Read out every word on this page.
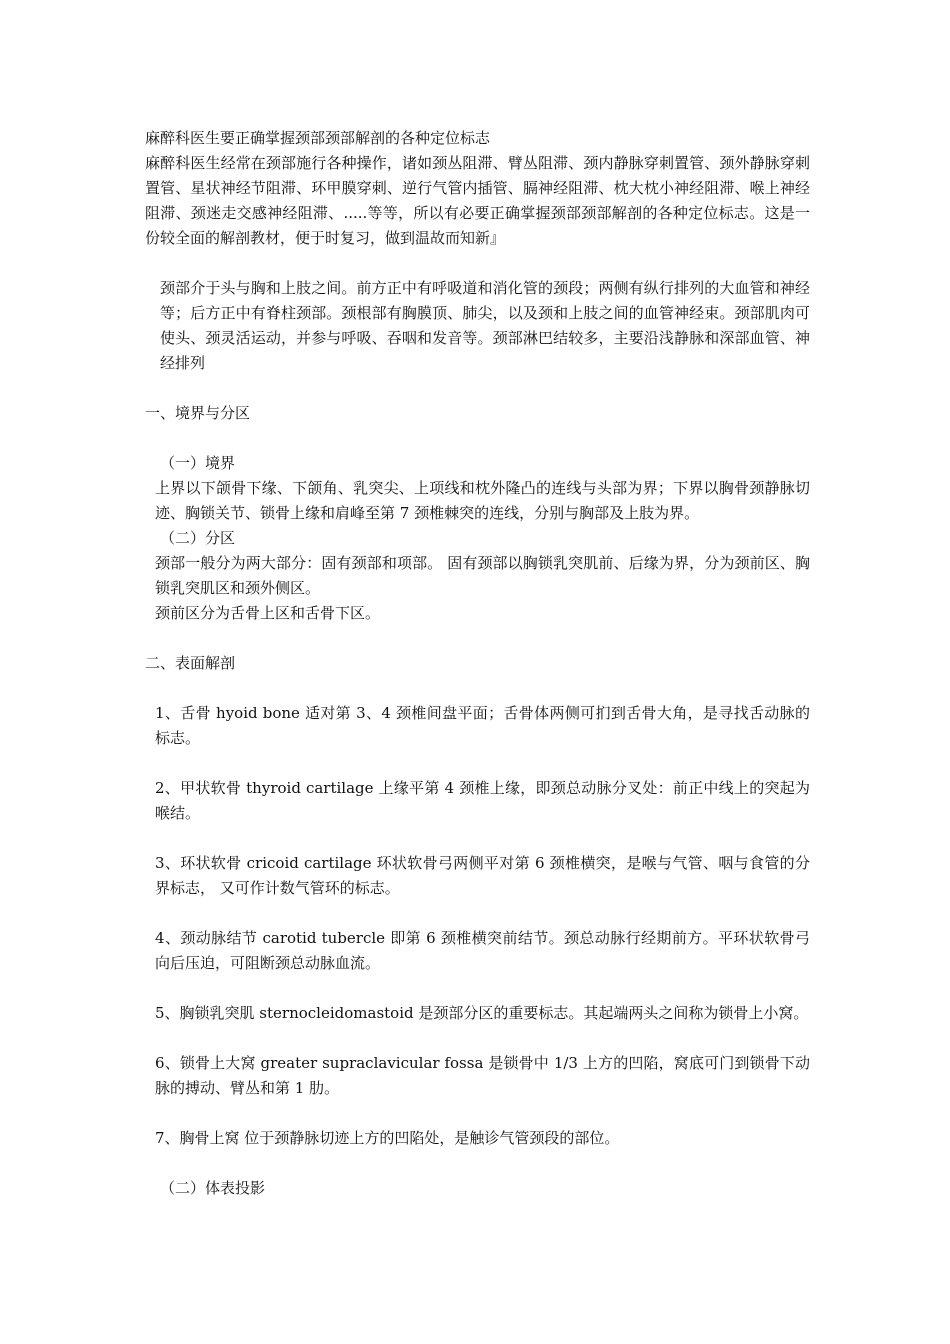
麻醉科医生要正确掌握颈部颈部解剖的各种定位标志
麻醉科医生经常在颈部施行各种操作，诸如颈丛阻滞、臂丛阻滞、颈内静脉穿刺置管、颈外静脉穿刺置管、星状神经节阻滞、环甲膜穿刺、逆行气管内插管、膈神经阻滞、枕大枕小神经阻滞、喉上神经阻滞、颈迷走交感神经阻滞、.....等等，所以有必要正确掌握颈部颈部解剖的各种定位标志。这是一份较全面的解剖教材，便于时复习，做到温故而知新』
颈部介于头与胸和上肢之间。前方正中有呼吸道和消化管的颈段；两侧有纵行排列的大血管和神经等；后方正中有脊柱颈部。颈根部有胸膜顶、肺尖，以及颈和上肢之间的血管神经束。颈部肌肉可使头、颈灵活运动，并参与呼吸、吞咽和发音等。颈部淋巴结较多，主要沿浅静脉和深部血管、神经排列
一、境界与分区
（一）境界
上界以下颌骨下缘、下颌角、乳突尖、上项线和枕外隆凸的连线与头部为界；下界以胸骨颈静脉切迹、胸锁关节、锁骨上缘和肩峰至第 7 颈椎棘突的连线，分别与胸部及上肢为界。
（二）分区
颈部一般分为两大部分：固有颈部和项部。 固有颈部以胸锁乳突肌前、后缘为界，分为颈前区、胸锁乳突肌区和颈外侧区。
颈前区分为舌骨上区和舌骨下区。
二、表面解剖
1、舌骨 hyoid bone 适对第 3、4 颈椎间盘平面；舌骨体两侧可扪到舌骨大角，是寻找舌动脉的标志。
2、甲状软骨 thyroid cartilage 上缘平第 4 颈椎上缘，即颈总动脉分叉处：前正中线上的突起为喉结。
3、环状软骨 cricoid cartilage 环状软骨弓两侧平对第 6 颈椎横突，是喉与气管、咽与食管的分界标志， 又可作计数气管环的标志。
4、颈动脉结节 carotid tubercle 即第 6 颈椎横突前结节。颈总动脉行经期前方。平环状软骨弓向后压迫，可阻断颈总动脉血流。
5、胸锁乳突肌 sternocleidomastoid 是颈部分区的重要标志。其起端两头之间称为锁骨上小窝。
6、锁骨上大窝 greater supraclavicular fossa 是锁骨中 1/3 上方的凹陷，窝底可门到锁骨下动脉的搏动、臂丛和第 1 肋。
7、胸骨上窝 位于颈静脉切迹上方的凹陷处，是触诊气管颈段的部位。
（二）体表投影
